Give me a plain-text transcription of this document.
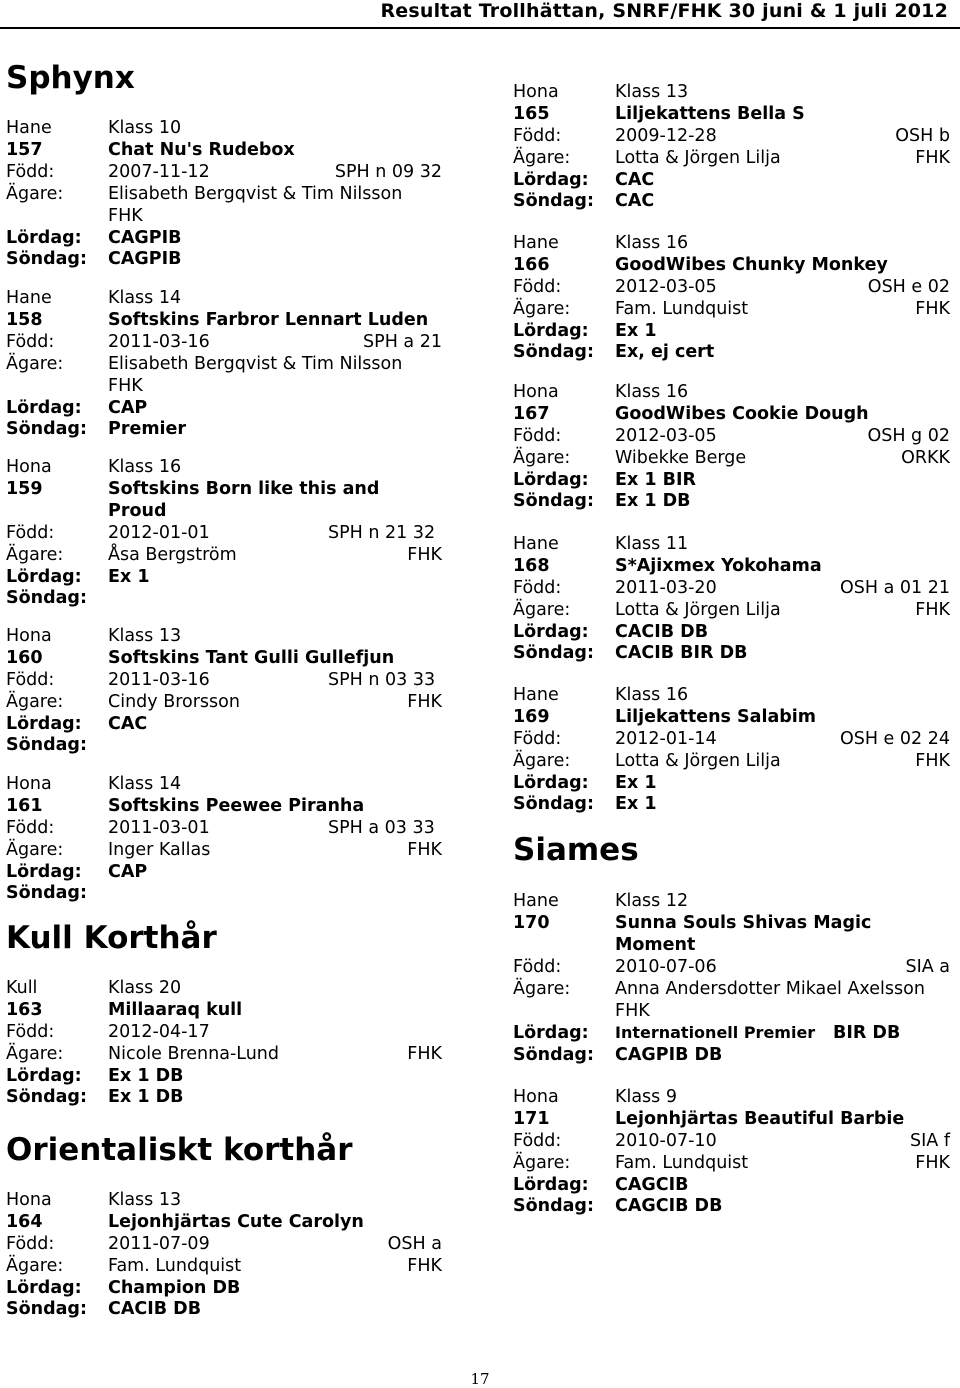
Resultat Trollhättan, SNRF/FHK 30 juni & 1 juli 2012
Sphynx
Hane	Klass 10
157	Chat Nu's Rudebox
Född:	2007-11-12	SPH n 09 32
Ägare:	Elisabeth Bergqvist & Tim Nilsson
FHK
Lördag: CAGPIB
Söndag: CAGPIB
Hane	Klass 14
158	Softskins Farbror Lennart Luden
Född:	2011-03-16	SPH a 21
Ägare:	Elisabeth Bergqvist & Tim Nilsson
FHK
Lördag: CAP
Söndag: Premier
Hona	Klass 16
159	Softskins Born like this and
Proud
Född:	2012-01-01	SPH n 21 32
Ägare:	Åsa Bergström	FHK
Lördag: Ex 1
Söndag:
Hona	Klass 13
160	Softskins Tant Gulli Gullefjun
Född:	2011-03-16	SPH n 03 33
Ägare:	Cindy Brorsson	FHK
Lördag: CAC
Söndag:
Hona	Klass 14
161	Softskins Peewee Piranha
Född:	2011-03-01	SPH a 03 33
Ägare:	Inger Kallas	FHK
Lördag: CAP
Söndag:
Kull Korthår
Kull	Klass 20
163	Millaaraq kull
Född:	2012-04-17
Ägare:	Nicole Brenna-Lund	FHK
Lördag: Ex 1 DB
Söndag: Ex 1 DB
Orientaliskt korthår
Hona	Klass 13
164	Lejonhjärtas Cute Carolyn
Född:	2011-07-09	OSH a
Ägare:	Fam. Lundquist	FHK
Lördag: Champion DB
Söndag: CACIB DB
Hona	Klass 13
165	Liljekattens Bella S
Född:	2009-12-28	OSH b
Ägare:	Lotta & Jörgen Lilja	FHK
Lördag: CAC
Söndag: CAC
Hane	Klass 16
166	GoodWibes Chunky Monkey
Född:	2012-03-05	OSH e 02
Ägare:	Fam. Lundquist	FHK
Lördag: Ex 1
Söndag: Ex, ej cert
Hona	Klass 16
167	GoodWibes Cookie Dough
Född:	2012-03-05	OSH g 02
Ägare:	Wibekke Berge	ORKK
Lördag: Ex 1 BIR
Söndag: Ex 1 DB
Hane	Klass 11
168	S*Ajixmex Yokohama
Född:	2011-03-20	OSH a 01 21
Ägare:	Lotta & Jörgen Lilja	FHK
Lördag: CACIB DB
Söndag: CACIB BIR DB
Hane	Klass 16
169	Liljekattens Salabim
Född:	2012-01-14	OSH e 02 24
Ägare:	Lotta & Jörgen Lilja	FHK
Lördag: Ex 1
Söndag: Ex 1
Siames
Hane	Klass 12
170	Sunna Souls Shivas Magic
Moment
Född:	2010-07-06	SIA a
Ägare:	Anna Andersdotter Mikael Axelsson
FHK
Lördag: Internationell Premier BIR DB
Söndag: CAGPIB DB
Hona	Klass 9
171	Lejonhjärtas Beautiful Barbie
Född:	2010-07-10	SIA f
Ägare:	Fam. Lundquist	FHK
Lördag: CAGCIB
Söndag: CAGCIB DB
17
